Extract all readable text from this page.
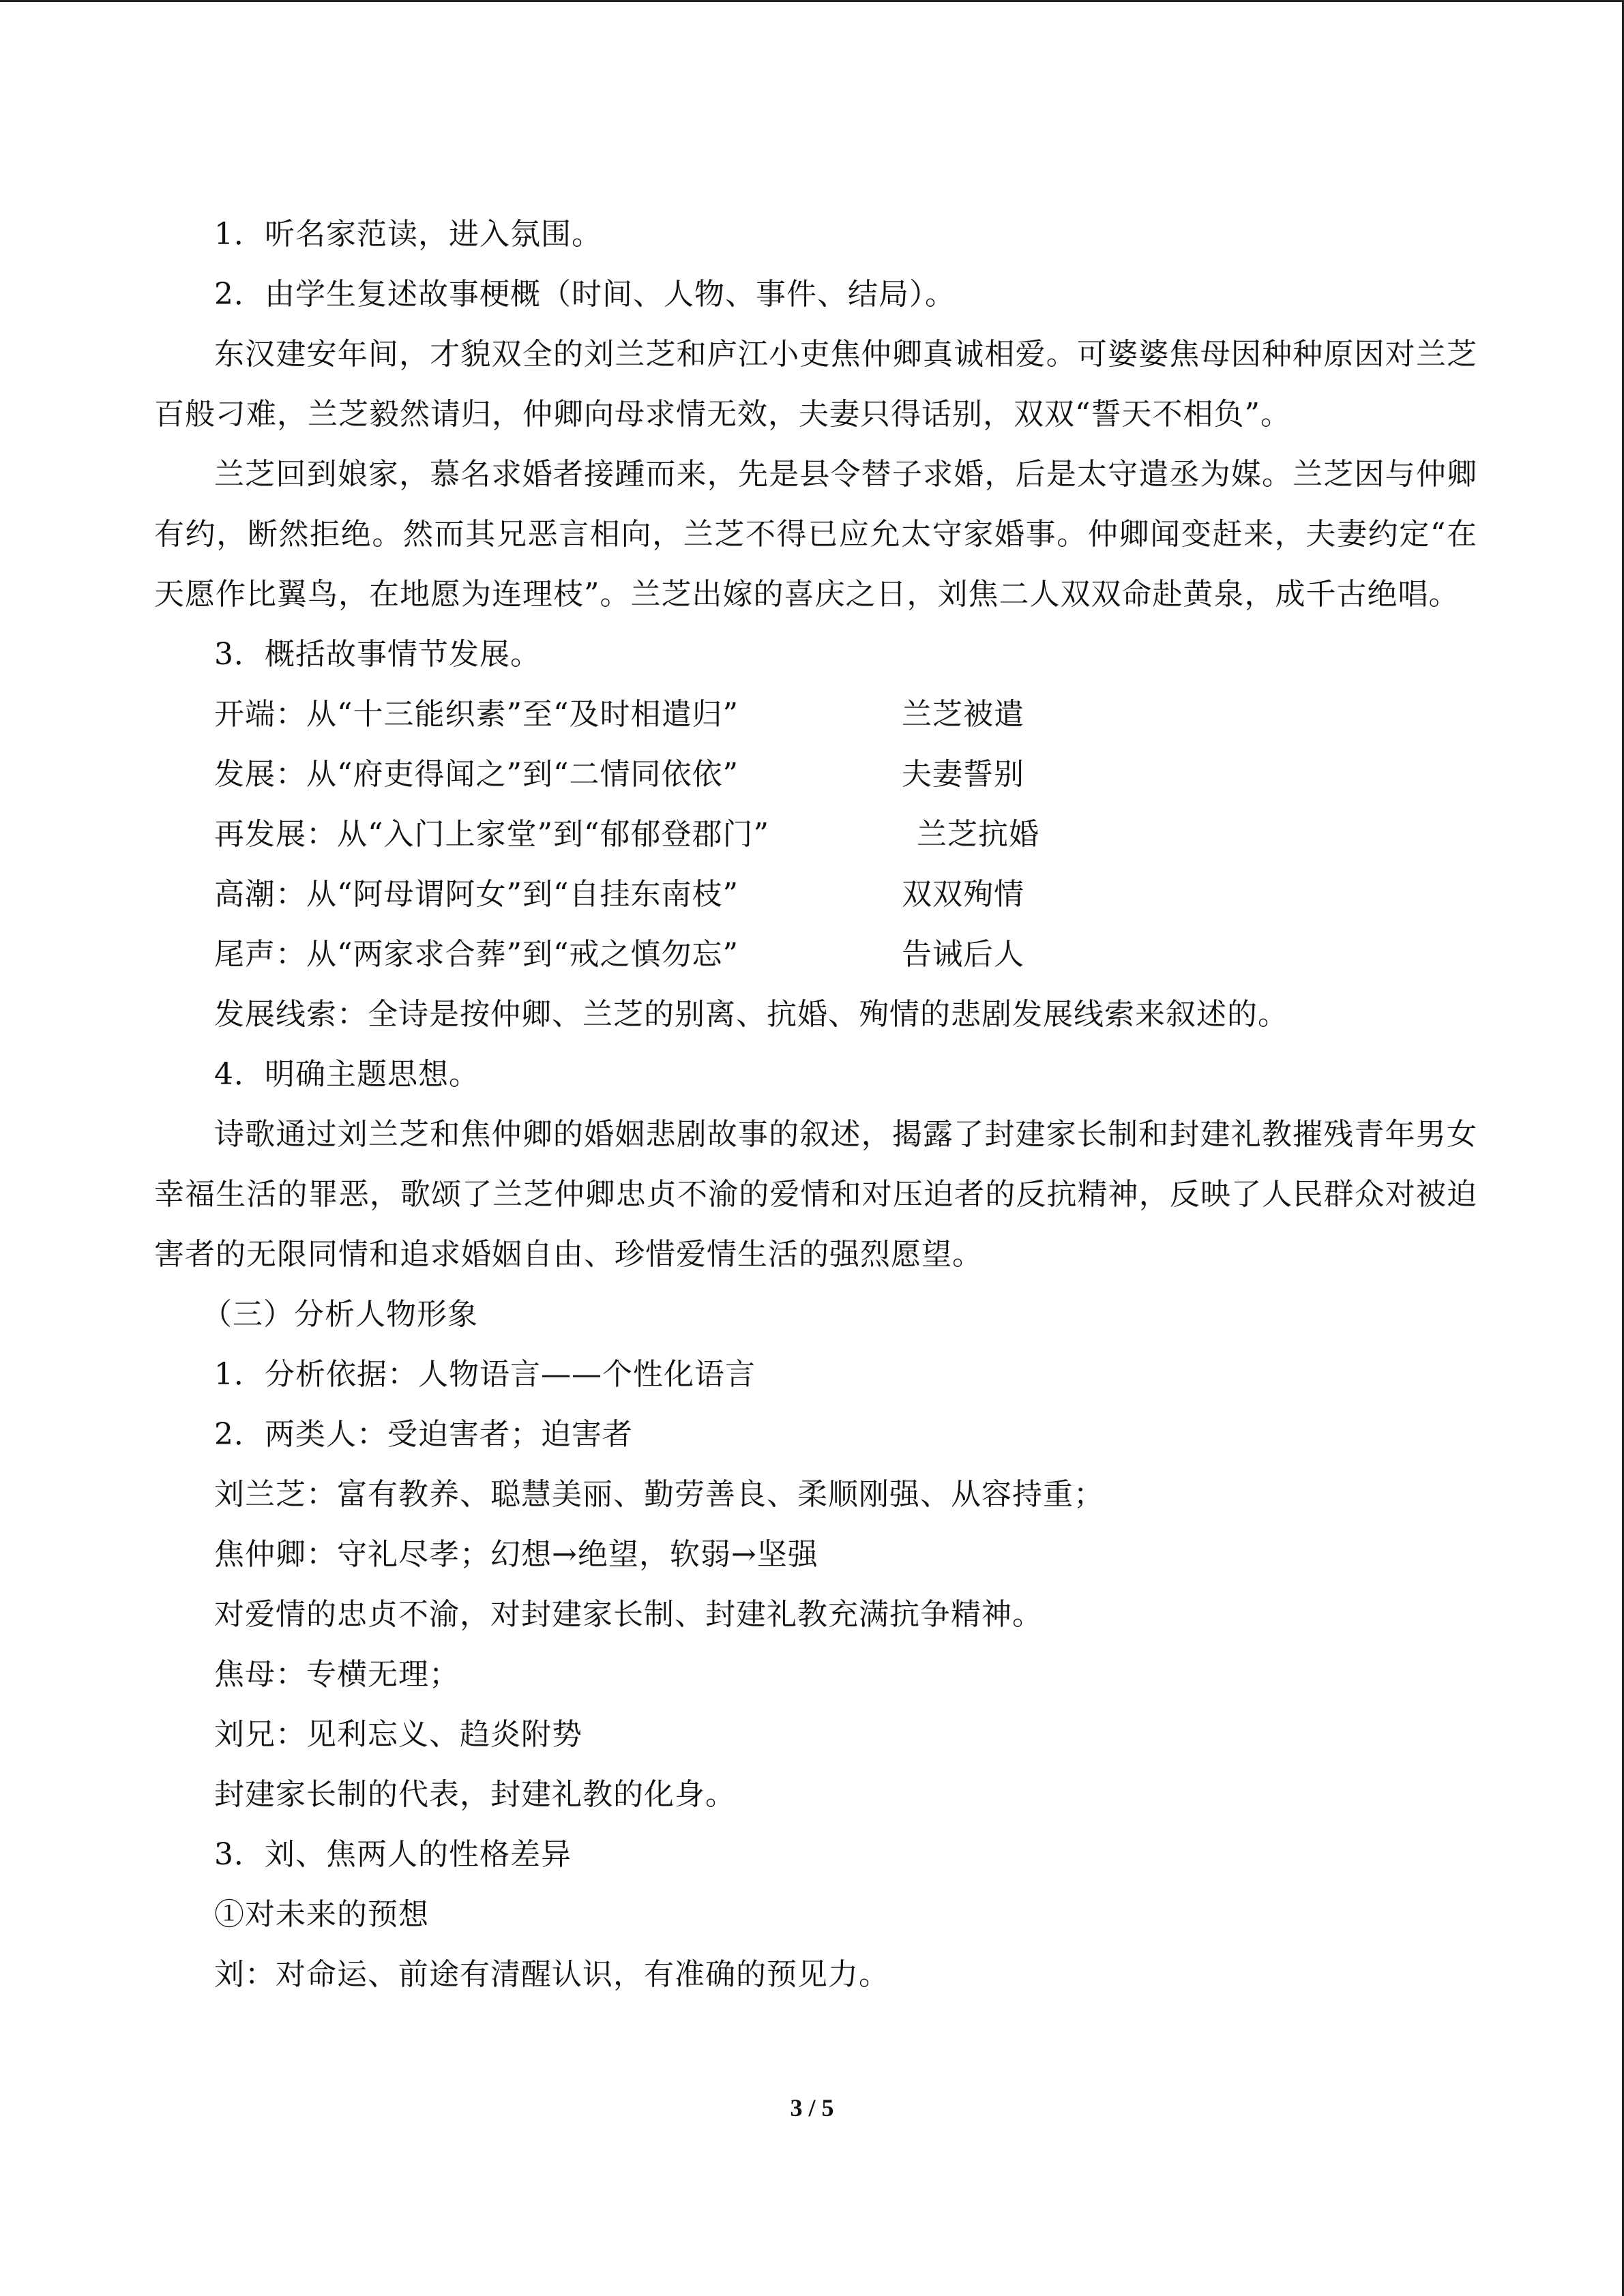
1．听名家范读，进入氛围。

2．由学生复述故事梗概（时间、人物、事件、结局）。

东汉建安年间，才貌双全的刘兰芝和庐江小吏焦仲卿真诚相爱。可婆婆焦母因种种原因对兰芝百般刁难，兰芝毅然请归，仲卿向母求情无效，夫妻只得话别，双双“誓天不相负”。

兰芝回到娘家，慕名求婚者接踵而来，先是县令替子求婚，后是太守遣丞为媒。兰芝因与仲卿有约，断然拒绝。然而其兄恶言相向，兰芝不得已应允太守家婚事。仲卿闻变赶来，夫妻约定“在天愿作比翼鸟，在地愿为连理枝”。兰芝出嫁的喜庆之日，刘焦二人双双命赴黄泉，成千古绝唱。

3．概括故事情节发展。

开端：从“十三能织素”至“及时相遣归”	兰芝被遣
发展：从“府吏得闻之”到“二情同依依”	夫妻誓别
再发展：从“入门上家堂”到“郁郁登郡门”	兰芝抗婚
高潮：从“阿母谓阿女”到“自挂东南枝”	双双殉情
尾声：从“两家求合葬”到“戒之慎勿忘”	告诫后人

发展线索：全诗是按仲卿、兰芝的别离、抗婚、殉情的悲剧发展线索来叙述的。

4．明确主题思想。

诗歌通过刘兰芝和焦仲卿的婚姻悲剧故事的叙述，揭露了封建家长制和封建礼教摧残青年男女幸福生活的罪恶，歌颂了兰芝仲卿忠贞不渝的爱情和对压迫者的反抗精神，反映了人民群众对被迫害者的无限同情和追求婚姻自由、珍惜爱情生活的强烈愿望。

（三）分析人物形象

1．分析依据：人物语言——个性化语言

2．两类人：受迫害者；迫害者

刘兰芝：富有教养、聪慧美丽、勤劳善良、柔顺刚强、从容持重；

焦仲卿：守礼尽孝；幻想→绝望，软弱→坚强

对爱情的忠贞不渝，对封建家长制、封建礼教充满抗争精神。

焦母：专横无理；

刘兄：见利忘义、趋炎附势

封建家长制的代表，封建礼教的化身。

3．刘、焦两人的性格差异

①对未来的预想

刘：对命运、前途有清醒认识，有准确的预见力。

3 / 5
